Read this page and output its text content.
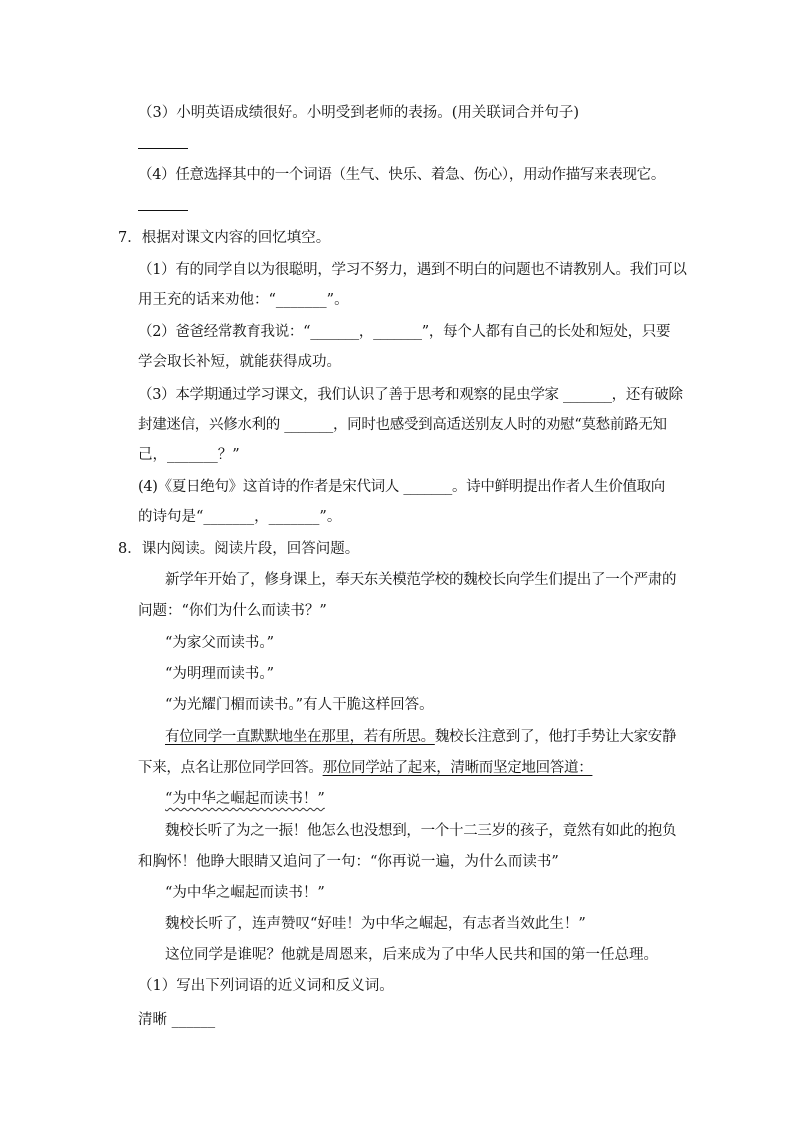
（3）小明英语成绩很好。小明受到老师的表扬。(用关联词合并句子)
（4）任意选择其中的一个词语（生气、快乐、着急、伤心），用动作描写来表现它。
7．根据对课文内容的回忆填空。
（1）有的同学自以为很聪明，学习不努力，遇到不明白的问题也不请教别人。我们可以
用王充的话来劝他：“_______”。
（2）爸爸经常教育我说：“_______，_______”，每个人都有自己的长处和短处，只要
学会取长补短，就能获得成功。
（3）本学期通过学习课文，我们认识了善于思考和观察的昆虫学家 _______，还有破除
封建迷信，兴修水利的 _______，同时也感受到高适送别友人时的劝慰“莫愁前路无知
己，_______？”
(4)《夏日绝句》这首诗的作者是宋代词人 _______。诗中鲜明提出作者人生价值取向
的诗句是“_______，_______”。
8．课内阅读。阅读片段，回答问题。
新学年开始了，修身课上，奉天东关模范学校的魏校长向学生们提出了一个严肃的
问题：“你们为什么而读书？”
“为家父而读书。”
“为明理而读书。”
“为光耀门楣而读书。”有人干脆这样回答。
有位同学一直默默地坐在那里，若有所思。魏校长注意到了，他打手势让大家安静
下来，点名让那位同学回答。那位同学站了起来，清晰而坚定地回答道：
“为中华之崛起而读书！”
魏校长听了为之一振！他怎么也没想到，一个十二三岁的孩子，竟然有如此的抱负
和胸怀！他睁大眼睛又追问了一句：“你再说一遍，为什么而读书”
“为中华之崛起而读书！”
魏校长听了，连声赞叹“好哇！为中华之崛起，有志者当效此生！”
这位同学是谁呢？他就是周恩来，后来成为了中华人民共和国的第一任总理。
（1）写出下列词语的近义词和反义词。
清晰 ______
